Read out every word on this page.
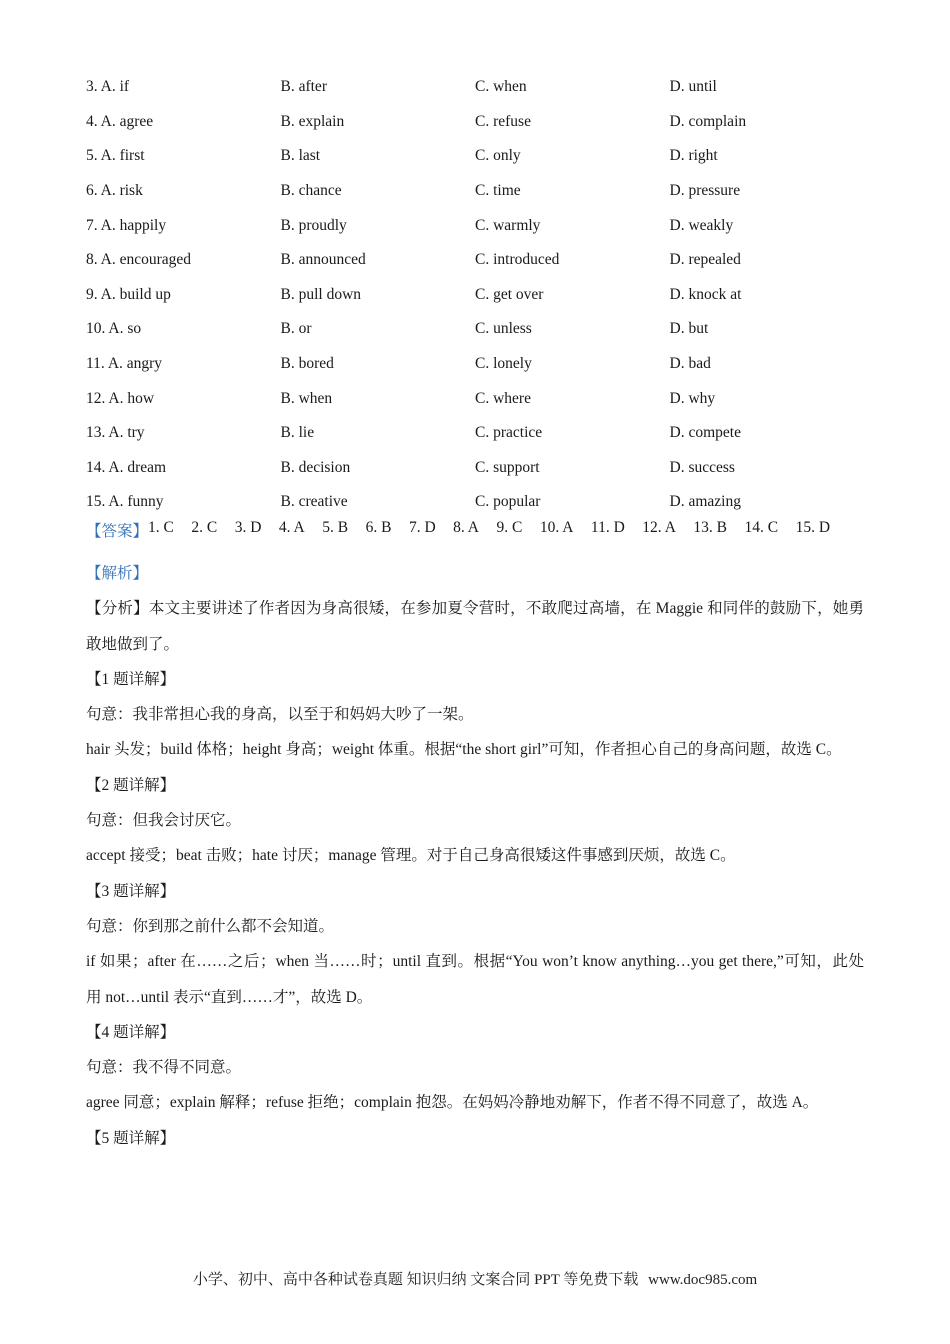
3. A. if	B. after	C. when	D. until
4. A. agree	B. explain	C. refuse	D. complain
5. A. first	B. last	C. only	D. right
6. A. risk	B. chance	C. time	D. pressure
7. A. happily	B. proudly	C. warmly	D. weakly
8. A. encouraged	B. announced	C. introduced	D. repealed
9. A. build up	B. pull down	C. get over	D. knock at
10. A. so	B. or	C. unless	D. but
11. A. angry	B. bored	C. lonely	D. bad
12. A. how	B. when	C. where	D. why
13. A. try	B. lie	C. practice	D. compete
14. A. dream	B. decision	C. support	D. success
15. A. funny	B. creative	C. popular	D. amazing
【答案】 1. C 2. C 3. D 4. A 5. B 6. B 7. D 8. A 9. C 10. A 11. D 12. A 13. B 14. C 15. D

【解析】

【分析】本文主要讲述了作者因为身高很矮，在参加夏令营时，不敢爬过高墙，在 Maggie 和同伴的鼓励下，她勇敢地做到了。

【1 题详解】

句意：我非常担心我的身高，以至于和妈妈大吵了一架。

hair 头发；build 体格；height 身高；weight 体重。根据“the short girl”可知，作者担心自己的身高问题，故选 C。

【2 题详解】

句意：但我会讨厌它。

accept 接受；beat 击败；hate 讨厌；manage 管理。对于自己身高很矮这件事感到厌烦，故选 C。

【3 题详解】

句意：你到那之前什么都不会知道。

if 如果；after 在……之后；when 当……时；until 直到。根据“You won’t know anything…you get there,”可知，此处用 not…until 表示“直到……才”，故选 D。

【4 题详解】

句意：我不得不同意。

agree 同意；explain 解释；refuse 拒绝；complain 抱怨。在妈妈冷静地劝解下，作者不得不同意了，故选 A。

【5 题详解】

小学、初中、高中各种试卷真题 知识归纳 文案合同 PPT 等免费下载 www.doc985.com
